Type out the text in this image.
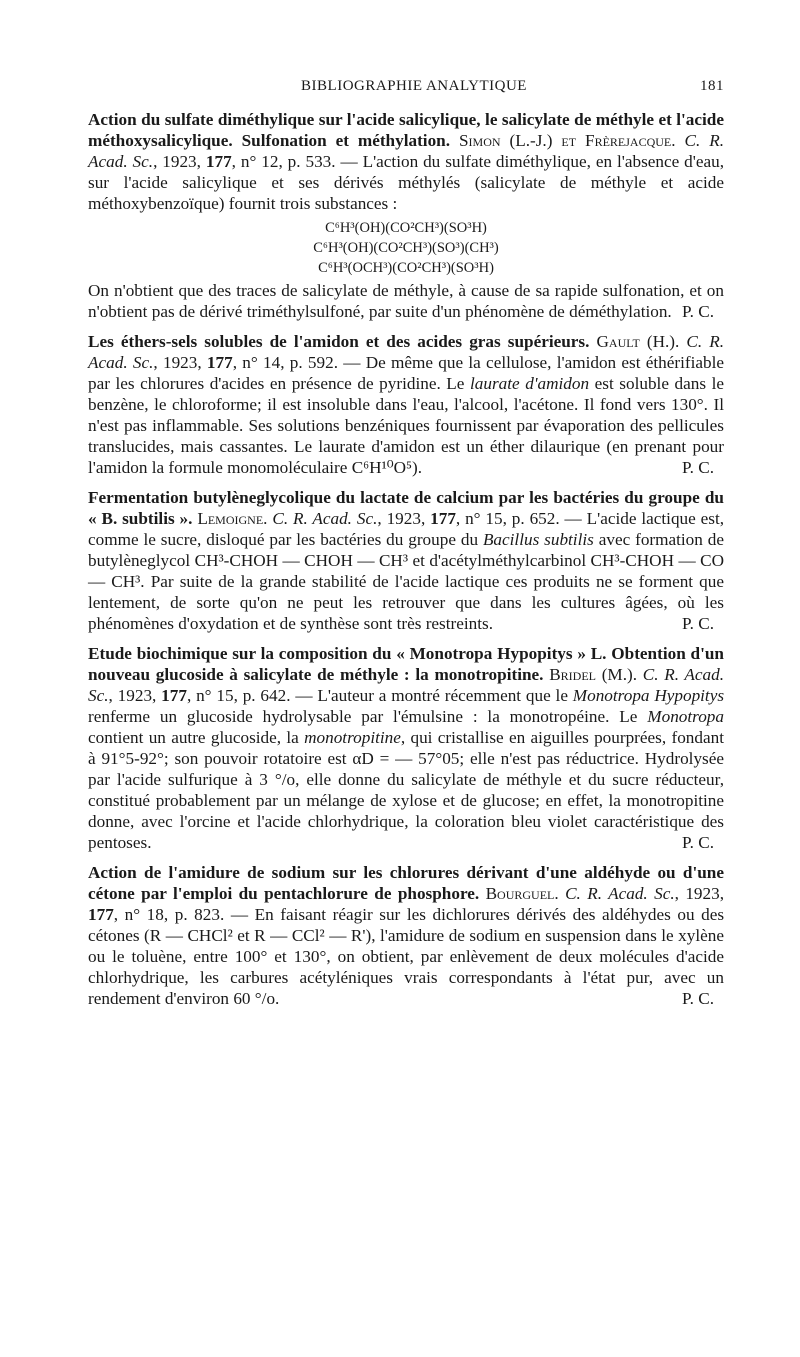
BIBLIOGRAPHIE ANALYTIQUE	181

Action du sulfate diméthylique sur l'acide salicylique, le salicylate de méthyle et l'acide méthoxysalicylique. Sulfonation et méthylation. Simon (L.-J.) et Frèrejacque. C. R. Acad. Sc., 1923, 177, n° 12, p. 533. — L'action du sulfate diméthylique, en l'absence d'eau, sur l'acide salicylique et ses dérivés méthylés (salicylate de méthyle et acide méthoxybenzoïque) fournit trois substances :

C⁶H³(OH)(CO²CH³)(SO³H)
C⁶H³(OH)(CO²CH³)(SO³)(CH³)
C⁶H³(OCH³)(CO²CH³)(SO³H)

On n'obtient que des traces de salicylate de méthyle, à cause de sa rapide sulfonation, et on n'obtient pas de dérivé triméthylsulfoné, par suite d'un phénomène de déméthylation. P. C.

Les éthers-sels solubles de l'amidon et des acides gras supérieurs. Gault (H.). C. R. Acad. Sc., 1923, 177, n° 14, p. 592. — De même que la cellulose, l'amidon est éthérifiable par les chlorures d'acides en présence de pyridine. Le laurate d'amidon est soluble dans le benzène, le chloroforme; il est insoluble dans l'eau, l'alcool, l'acétone. Il fond vers 130°. Il n'est pas inflammable. Ses solutions benzéniques fournissent par évaporation des pellicules translucides, mais cassantes. Le laurate d'amidon est un éther dilaurique (en prenant pour l'amidon la formule monomoléculaire C⁶H¹⁰O⁵).	P. C.

Fermentation butylèneglycolique du lactate de calcium par les bactéries du groupe du « B. subtilis ». Lemoigne. C. R. Acad. Sc., 1923, 177, n° 15, p. 652. — L'acide lactique est, comme le sucre, disloqué par les bactéries du groupe du Bacillus subtilis avec formation de butylèneglycol CH³-CHOH — CHOH — CH³ et d'acétylméthylcarbinol CH³-CHOH — CO — CH³. Par suite de la grande stabilité de l'acide lactique ces produits ne se forment que lentement, de sorte qu'on ne peut les retrouver que dans les cultures âgées, où les phénomènes d'oxydation et de synthèse sont très restreints.	P. C.

Etude biochimique sur la composition du « Monotropa Hypopitys » L. Obtention d'un nouveau glucoside à salicylate de méthyle : la monotropitine. Bridel (M.). C. R. Acad. Sc., 1923, 177, n° 15, p. 642. — L'auteur a montré récemment que le Monotropa Hypopitys renferme un glucoside hydrolysable par l'émulsine : la monotropéine. Le Monotropa contient un autre glucoside, la monotropitine, qui cristallise en aiguilles pourprées, fondant à 91°5-92°; son pouvoir rotatoire est αD = — 57°05; elle n'est pas réductrice. Hydrolysée par l'acide sulfurique à 3 °/o, elle donne du salicylate de méthyle et du sucre réducteur, constitué probablement par un mélange de xylose et de glucose; en effet, la monotropitine donne, avec l'orcine et l'acide chlorhydrique, la coloration bleu violet caractéristique des pentoses.	P. C.

Action de l'amidure de sodium sur les chlorures dérivant d'une aldéhyde ou d'une cétone par l'emploi du pentachlorure de phosphore. Bourguel. C. R. Acad. Sc., 1923, 177, n° 18, p. 823. — En faisant réagir sur les dichlorures dérivés des aldéhydes ou des cétones (R — CHCl² et R — CCl² — R'), l'amidure de sodium en suspension dans le xylène ou le toluène, entre 100° et 130°, on obtient, par enlèvement de deux molécules d'acide chlorhydrique, les carbures acétyléniques vrais correspondants à l'état pur, avec un rendement d'environ 60 °/o.	P. C.
